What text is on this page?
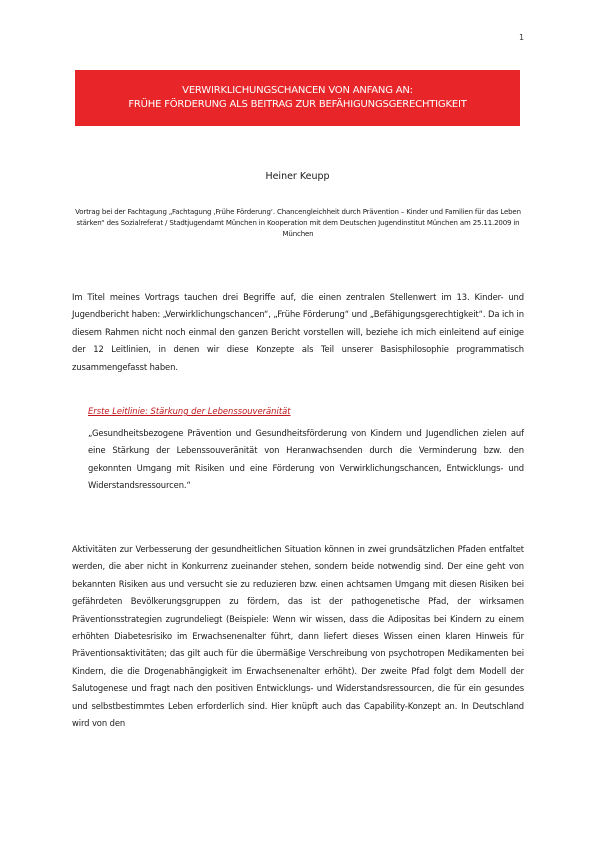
1
VERWIRKLICHUNGSCHANCEN VON ANFANG AN:
FRÜHE FÖRDERUNG ALS BEITRAG ZUR BEFÄHIGUNGSGERECHTIGKEIT
Heiner Keupp
Vortrag bei der Fachtagung „Fachtagung ‚Frühe Förderung‘. Chancengleichheit durch Prävention – Kinder und Familien für das Leben stärken“ des Sozialreferat / Stadtjugendamt München in Kooperation mit dem Deutschen Jugendinstitut München am 25.11.2009 in München

Im Titel meines Vortrags tauchen drei Begriffe auf, die einen zentralen Stellenwert im 13. Kinder- und Jugendbericht haben: „Verwirklichungschancen“, „Frühe Förderung“ und „Befähigungsgerechtigkeit“. Da ich in diesem Rahmen nicht noch einmal den ganzen Bericht vorstellen will, beziehe ich mich einleitend auf einige der 12 Leitlinien, in denen wir diese Konzepte als Teil unserer Basisphilosophie programmatisch zusammengefasst haben.

Erste Leitlinie: Stärkung der Lebenssouveränität

„Gesundheitsbezogene Prävention und Gesundheitsförderung von Kindern und Jugendlichen zielen auf eine Stärkung der Lebenssouveränität von Heranwachsenden durch die Verminderung bzw. den gekonnten Umgang mit Risiken und eine Förderung von Verwirklichungschancen, Entwicklungs- und Widerstandsressourcen.“

Aktivitäten zur Verbesserung der gesundheitlichen Situation können in zwei grundsätzlichen Pfaden entfaltet werden, die aber nicht in Konkurrenz zueinander stehen, sondern beide notwendig sind. Der eine geht von bekannten Risiken aus und versucht sie zu reduzieren bzw. einen achtsamen Umgang mit diesen Risiken bei gefährdeten Bevölkerungsgruppen zu fördern, das ist der pathogenetische Pfad, der wirksamen Präventionsstrategien zugrundeliegt (Beispiele: Wenn wir wissen, dass die Adipositas bei Kindern zu einem erhöhten Diabetesrisiko im Erwachsenenalter führt, dann liefert dieses Wissen einen klaren Hinweis für Präventionsaktivitäten; das gilt auch für die übermäßige Verschreibung von psychotropen Medikamenten bei Kindern, die die Drogenabhängigkeit im Erwachsenenalter erhöht). Der zweite Pfad folgt dem Modell der Salutogenese und fragt nach den positiven Entwicklungs- und Widerstandsressourcen, die für ein gesundes und selbstbestimmtes Leben erforderlich sind. Hier knüpft auch das Capability-Konzept an. In Deutschland wird von den
